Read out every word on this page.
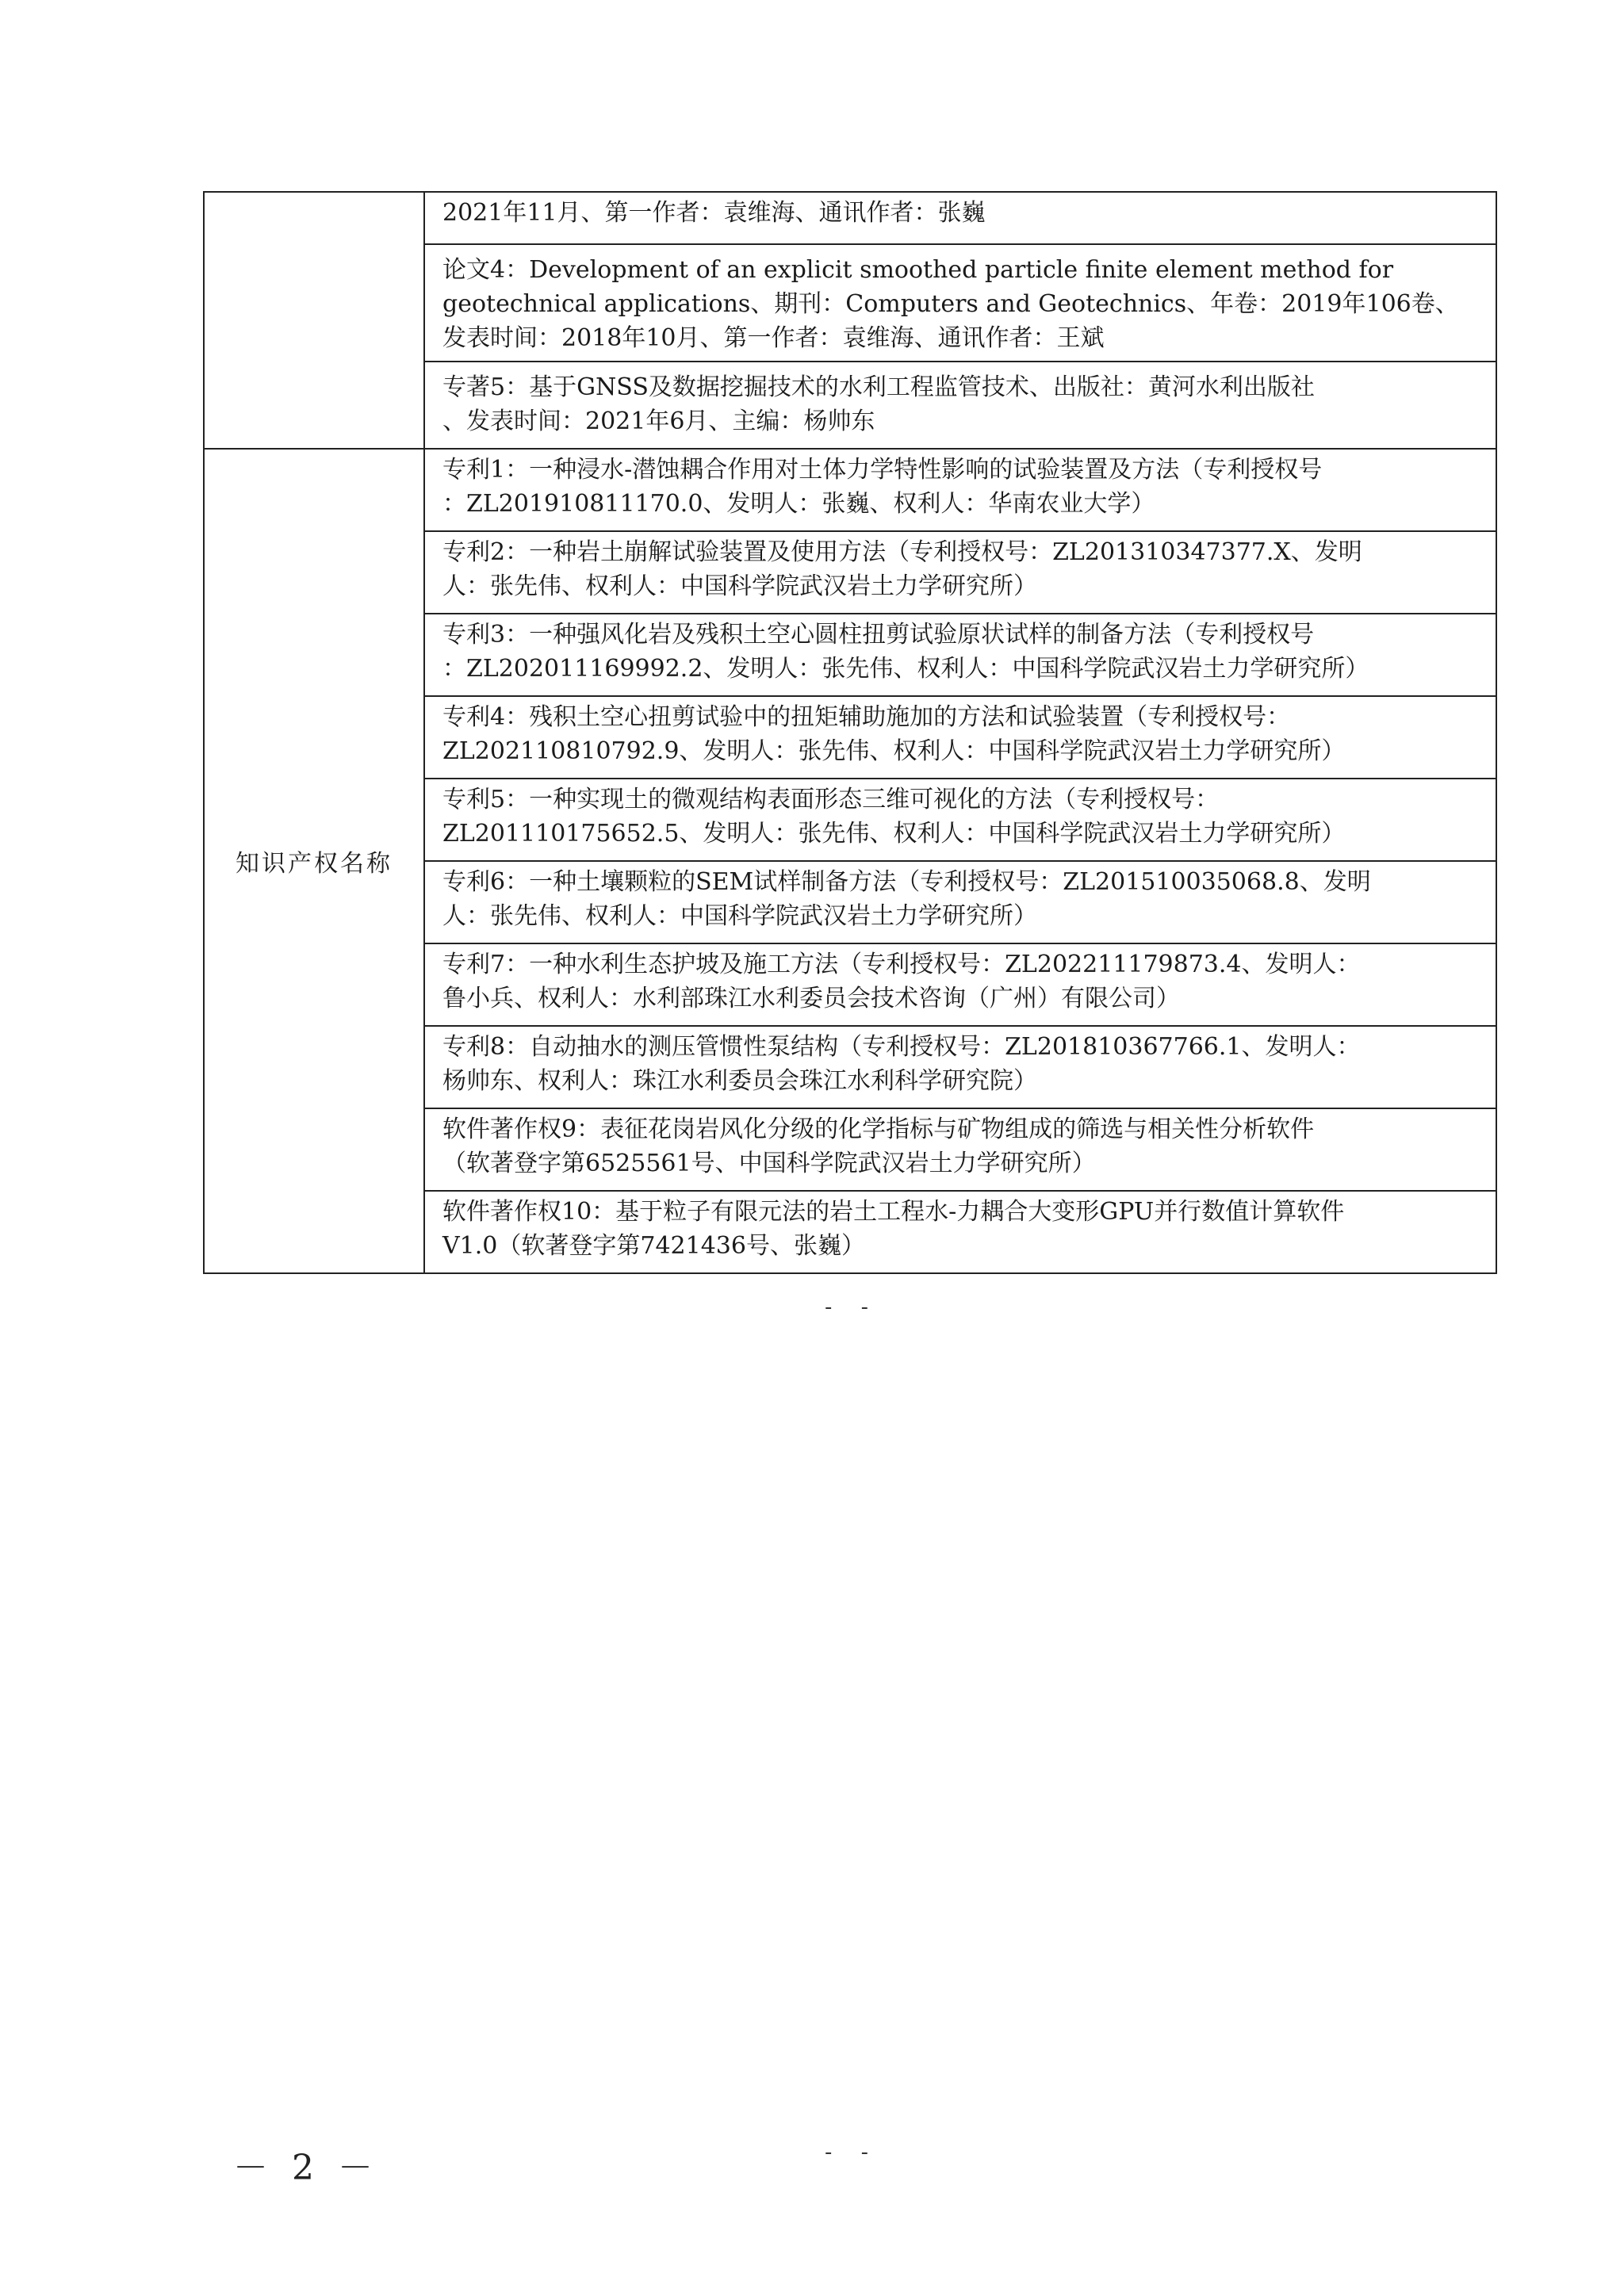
	2021年11月、第一作者：袁维海、通讯作者：张巍

	论文4：Development of an explicit smoothed particle finite element method for
geotechnical applications、期刊：Computers and Geotechnics、年卷：2019年106卷、
发表时间：2018年10月、第一作者：袁维海、通讯作者：王斌

	专著5：基于GNSS及数据挖掘技术的水利工程监管技术、出版社：黄河水利出版社
、发表时间：2021年6月、主编：杨帅东

知识产权名称	专利1：一种浸水-潜蚀耦合作用对土体力学特性影响的试验装置及方法（专利授权号
：ZL201910811170.0、发明人：张巍、权利人：华南农业大学）

	专利2：一种岩土崩解试验装置及使用方法（专利授权号：ZL201310347377.X、发明
人：张先伟、权利人：中国科学院武汉岩土力学研究所）

	专利3：一种强风化岩及残积土空心圆柱扭剪试验原状试样的制备方法（专利授权号
：ZL202011169992.2、发明人：张先伟、权利人：中国科学院武汉岩土力学研究所）

	专利4：残积土空心扭剪试验中的扭矩辅助施加的方法和试验装置（专利授权号：
ZL202110810792.9、发明人：张先伟、权利人：中国科学院武汉岩土力学研究所）

	专利5：一种实现土的微观结构表面形态三维可视化的方法（专利授权号：
ZL201110175652.5、发明人：张先伟、权利人：中国科学院武汉岩土力学研究所）

	专利6：一种土壤颗粒的SEM试样制备方法（专利授权号：ZL201510035068.8、发明
人：张先伟、权利人：中国科学院武汉岩土力学研究所）

	专利7：一种水利生态护坡及施工方法（专利授权号：ZL202211179873.4、发明人：
鲁小兵、权利人：水利部珠江水利委员会技术咨询（广州）有限公司）

	专利8：自动抽水的测压管惯性泵结构（专利授权号：ZL201810367766.1、发明人：
杨帅东、权利人：珠江水利委员会珠江水利科学研究院）

	软件著作权9：表征花岗岩风化分级的化学指标与矿物组成的筛选与相关性分析软件
（软著登字第6525561号、中国科学院武汉岩土力学研究所）

	软件著作权10：基于粒子有限元法的岩土工程水-力耦合大变形GPU并行数值计算软件
V1.0（软著登字第7421436号、张巍）
- -
－ 2 －	- -
